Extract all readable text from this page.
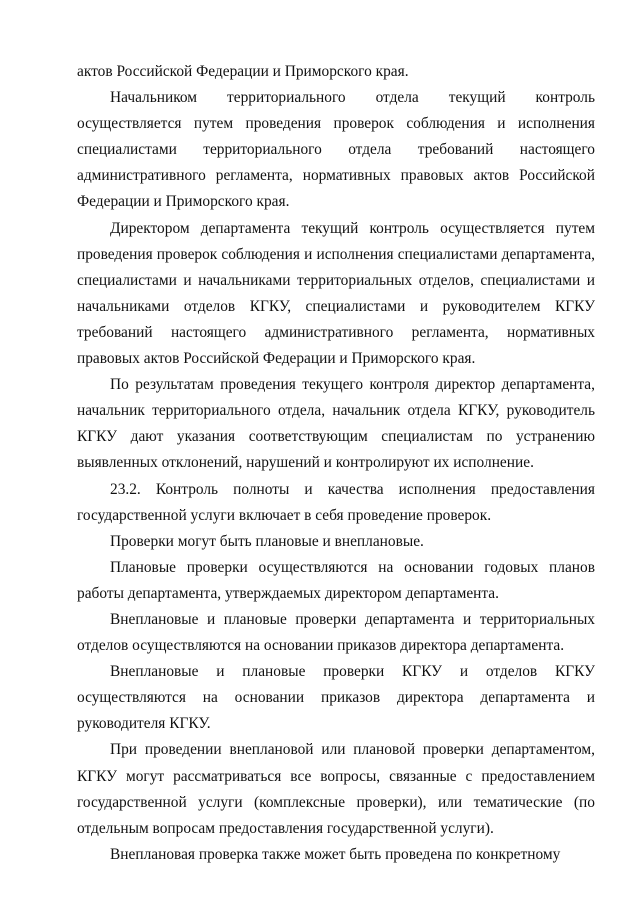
актов Российской Федерации и Приморского края.

Начальником территориального отдела текущий контроль осуществляется путем проведения проверок соблюдения и исполнения специалистами территориального отдела требований настоящего административного регламента, нормативных правовых актов Российской Федерации и Приморского края.

Директором департамента текущий контроль осуществляется путем проведения проверок соблюдения и исполнения специалистами департамента, специалистами и начальниками территориальных отделов, специалистами и начальниками отделов КГКУ, специалистами и руководителем КГКУ требований настоящего административного регламента, нормативных правовых актов Российской Федерации и Приморского края.

По результатам проведения текущего контроля директор департамента, начальник территориального отдела, начальник отдела КГКУ, руководитель КГКУ дают указания соответствующим специалистам по устранению выявленных отклонений, нарушений и контролируют их исполнение.

23.2. Контроль полноты и качества исполнения предоставления государственной услуги включает в себя проведение проверок.

Проверки могут быть плановые и внеплановые.

Плановые проверки осуществляются на основании годовых планов работы департамента, утверждаемых директором департамента.

Внеплановые и плановые проверки департамента и территориальных отделов осуществляются на основании приказов директора департамента.

Внеплановые и плановые проверки КГКУ и отделов КГКУ осуществляются на основании приказов директора департамента и руководителя КГКУ.

При проведении внеплановой или плановой проверки департаментом, КГКУ могут рассматриваться все вопросы, связанные с предоставлением государственной услуги (комплексные проверки), или тематические (по отдельным вопросам предоставления государственной услуги).

Внеплановая проверка также может быть проведена по конкретному
